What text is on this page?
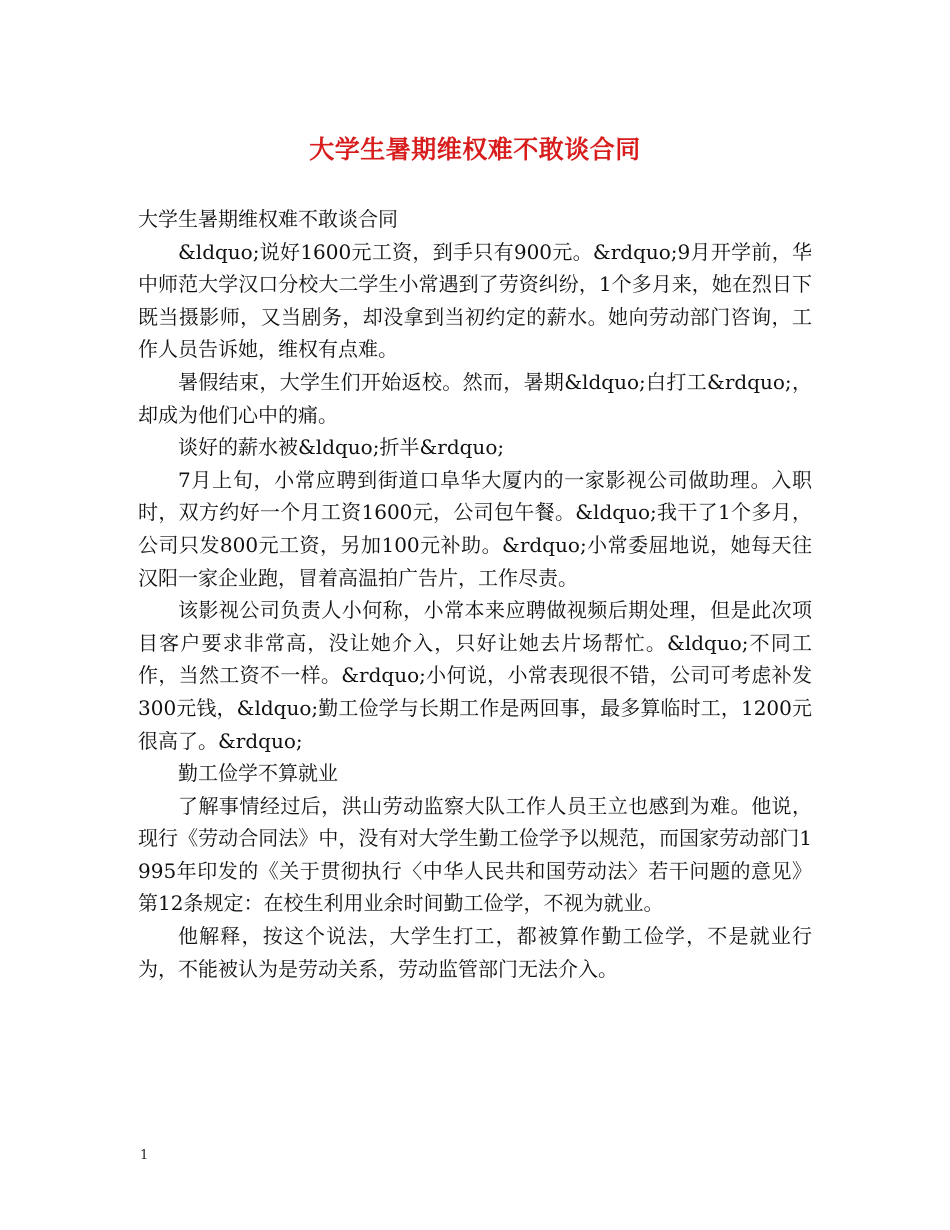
大学生暑期维权难不敢谈合同

大学生暑期维权难不敢谈合同

&ldquo;说好1600元工资，到手只有900元。&rdquo;9月开学前，华中师范大学汉口分校大二学生小常遇到了劳资纠纷，1个多月来，她在烈日下既当摄影师，又当剧务，却没拿到当初约定的薪水。她向劳动部门咨询，工作人员告诉她，维权有点难。

暑假结束，大学生们开始返校。然而，暑期&ldquo;白打工&rdquo;，却成为他们心中的痛。

谈好的薪水被&ldquo;折半&rdquo;

7月上旬，小常应聘到街道口阜华大厦内的一家影视公司做助理。入职时，双方约好一个月工资1600元，公司包午餐。&ldquo;我干了1个多月，公司只发800元工资，另加100元补助。&rdquo;小常委屈地说，她每天往汉阳一家企业跑，冒着高温拍广告片，工作尽责。

该影视公司负责人小何称，小常本来应聘做视频后期处理，但是此次项目客户要求非常高，没让她介入，只好让她去片场帮忙。&ldquo;不同工作，当然工资不一样。&rdquo;小何说，小常表现很不错，公司可考虑补发300元钱，&ldquo;勤工俭学与长期工作是两回事，最多算临时工，1200元很高了。&rdquo;

勤工俭学不算就业

了解事情经过后，洪山劳动监察大队工作人员王立也感到为难。他说，现行《劳动合同法》中，没有对大学生勤工俭学予以规范，而国家劳动部门1995年印发的《关于贯彻执行〈中华人民共和国劳动法〉若干问题的意见》第12条规定：在校生利用业余时间勤工俭学，不视为就业。

他解释，按这个说法，大学生打工，都被算作勤工俭学，不是就业行为，不能被认为是劳动关系，劳动监管部门无法介入。

1
